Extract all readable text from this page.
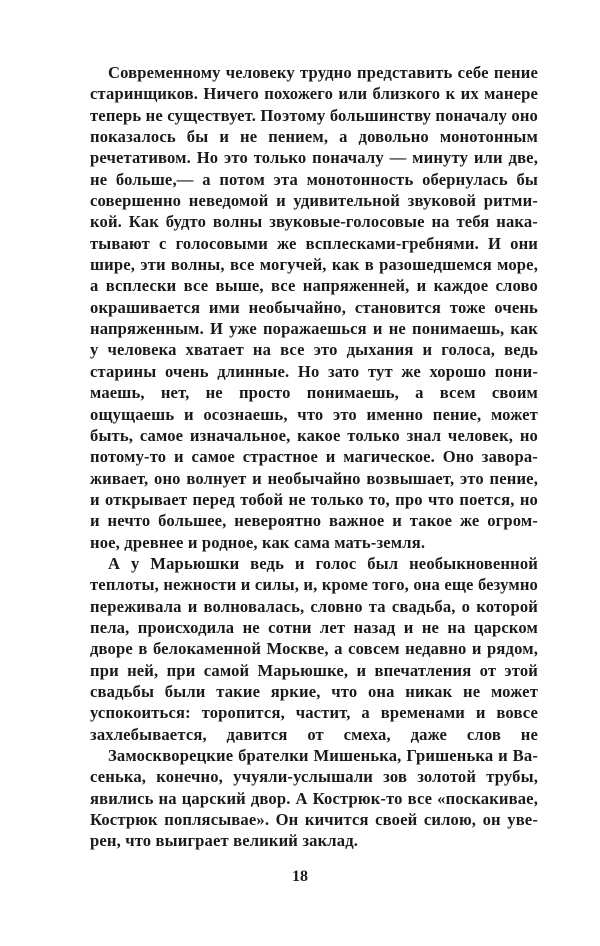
Современному человеку трудно представить себе пение
старинщиков. Ничего похожего или близкого к их манере
теперь не существует. Поэтому большинству поначалу оно
показалось бы и не пением, а довольно монотонным
речетативом. Но это только поначалу — минуту или две,
не больше,— а потом эта монотонность обернулась бы
совершенно неведомой и удивительной звуковой ритми-
кой. Как будто волны звуковые-голосовые на тебя нака-
тывают с голосовыми же всплесками-гребнями. И они
шире, эти волны, все могучей, как в разошедшемся море,
а всплески все выше, все напряженней, и каждое слово
окрашивается ими необычайно, становится тоже очень
напряженным. И уже поражаешься и не понимаешь, как
у человека хватает на все это дыхания и голоса, ведь
старины очень длинные. Но зато тут же хорошо пони-
маешь, нет, не просто понимаешь, а всем своим
ощущаешь и осознаешь, что это именно пение, может
быть, самое изначальное, какое только знал человек, но
потому-то и самое страстное и магическое. Оно завора-
живает, оно волнует и необычайно возвышает, это пение,
и открывает перед тобой не только то, про что поется, но
и нечто большее, невероятно важное и такое же огром-
ное, древнее и родное, как сама мать-земля.
А у Марьюшки ведь и голос был необыкновенной
теплоты, нежности и силы, и, кроме того, она еще безумно
переживала и волновалась, словно та свадьба, о которой
пела, происходила не сотни лет назад и не на царском
дворе в белокаменной Москве, а совсем недавно и рядом,
при ней, при самой Марьюшке, и впечатления от этой
свадьбы были такие яркие, что она никак не может
успокоиться: торопится, частит, а временами и вовсе
захлебывается, давится от смеха, даже слов не
Замоскворецкие брателки Мишенька, Гришенька и Ва-
сенька, конечно, учуяли-услышали зов золотой трубы,
явились на царский двор. А Кострюк-то все «поскакивае,
Кострюк поплясывае». Он кичится своей силою, он уве-
рен, что выиграет великий заклад.
18
